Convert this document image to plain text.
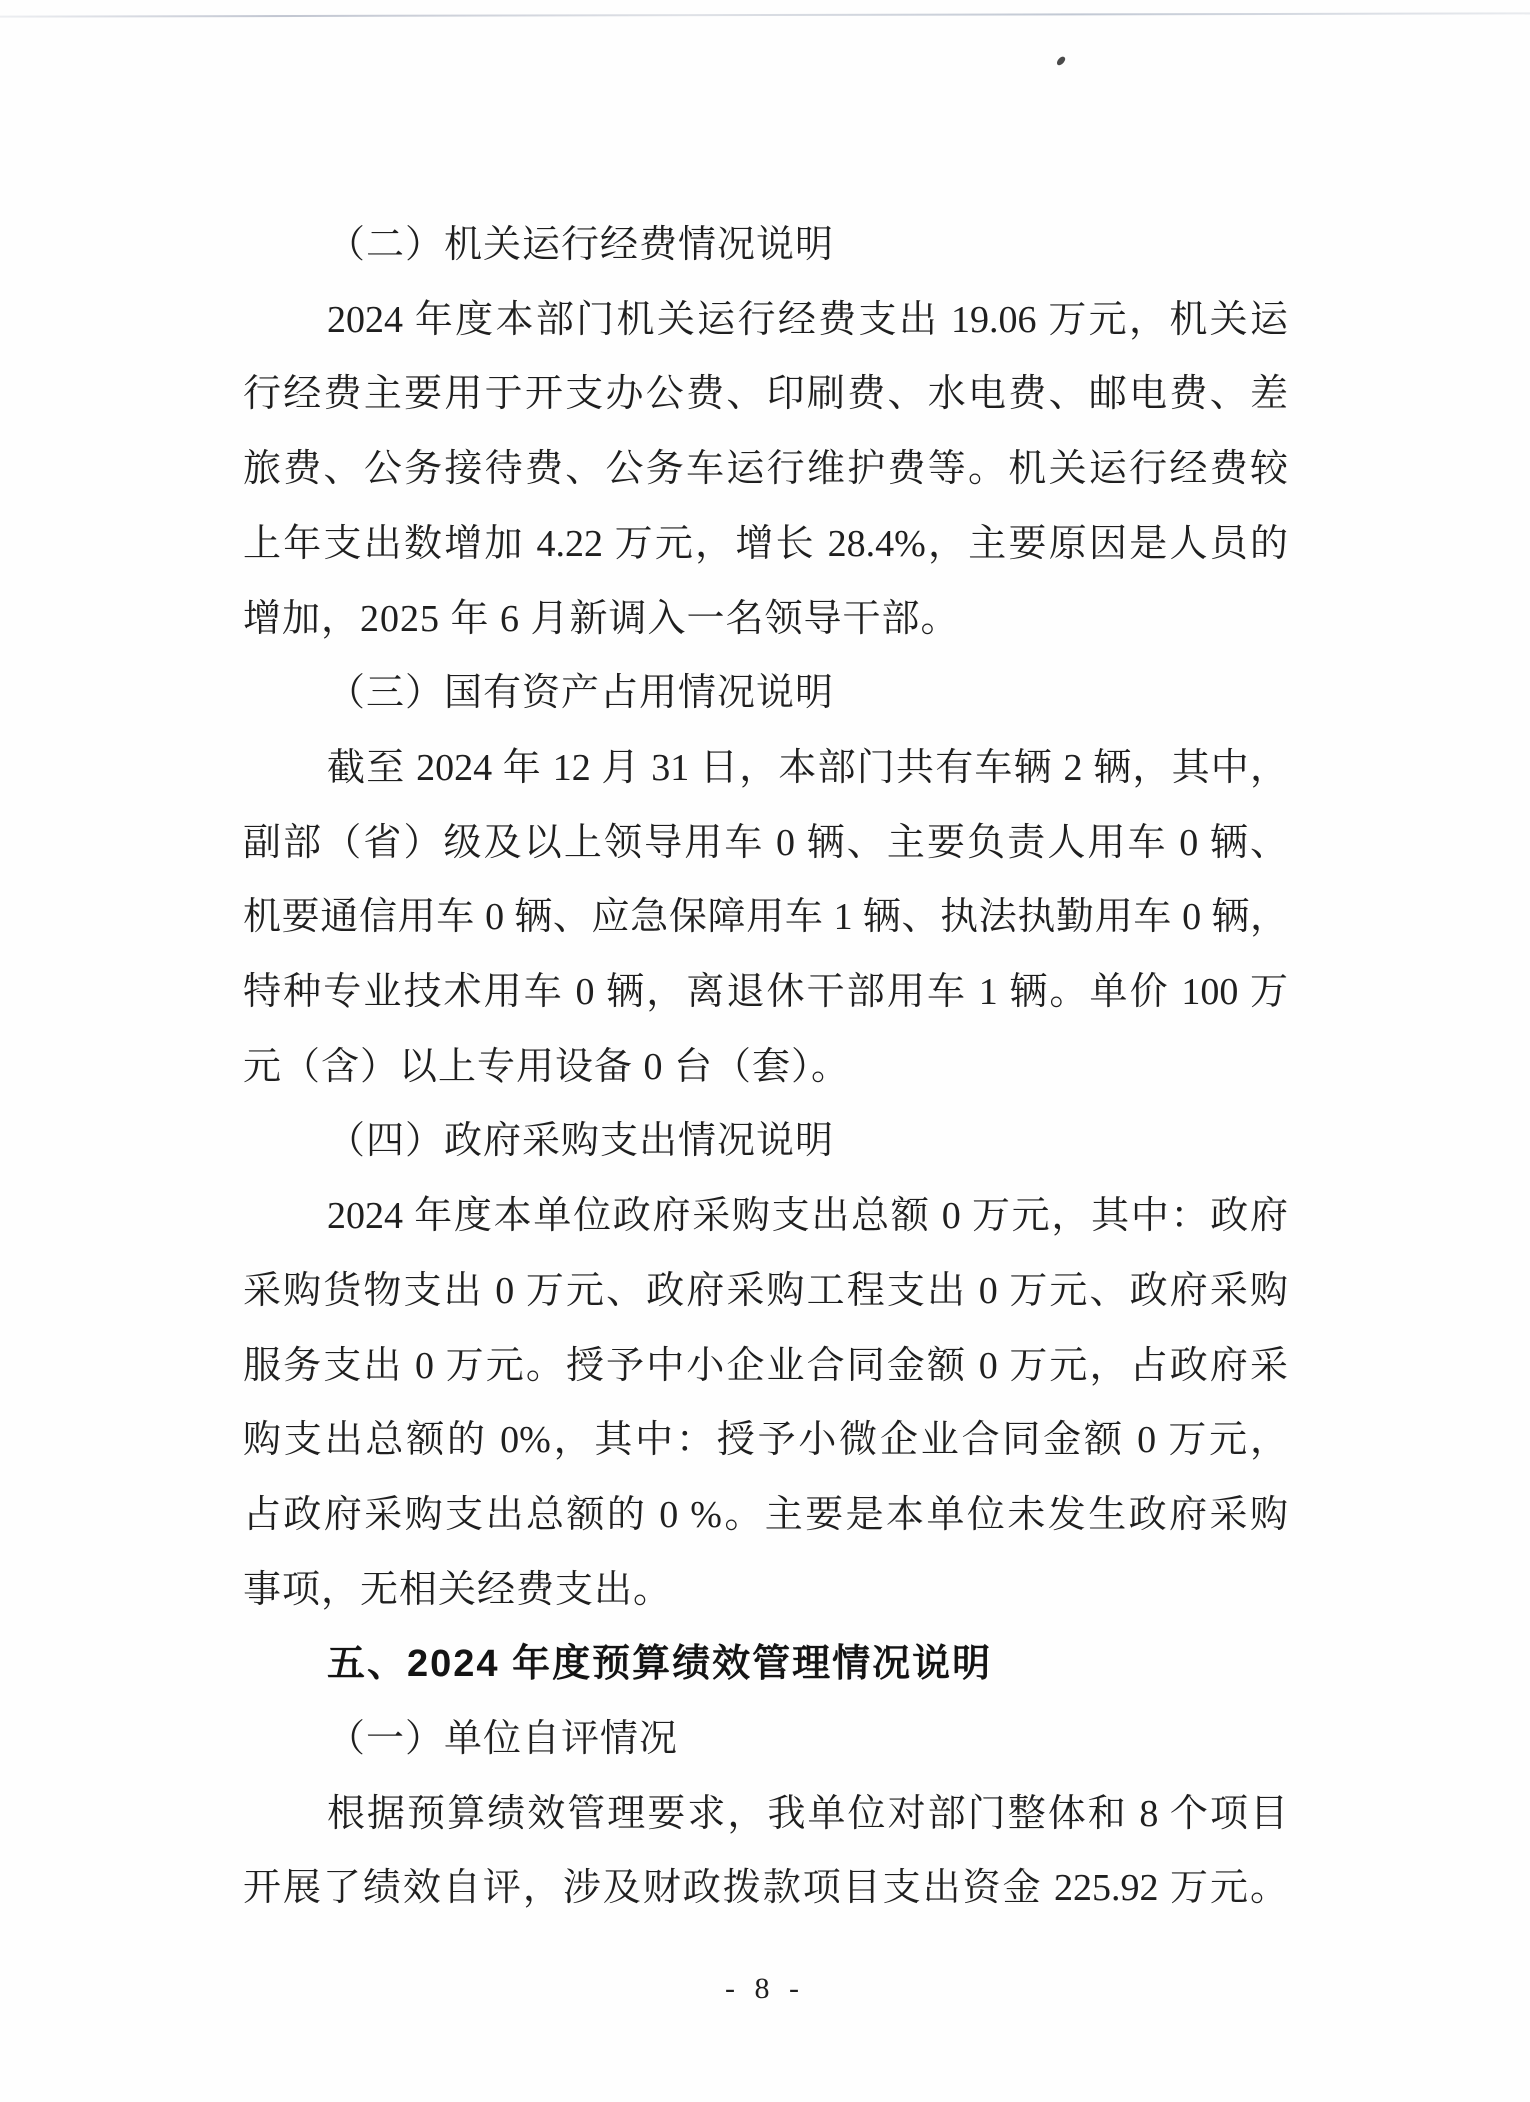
（二）机关运行经费情况说明
2024 年度本部门机关运行经费支出 19.06 万元，机关运
行经费主要用于开支办公费、印刷费、水电费、邮电费、差
旅费、公务接待费、公务车运行维护费等。机关运行经费较
上年支出数增加 4.22 万元，增长 28.4%，主要原因是人员的
增加，2025 年 6 月新调入一名领导干部。
（三）国有资产占用情况说明
截至 2024 年 12 月 31 日，本部门共有车辆 2 辆，其中，
副部（省）级及以上领导用车 0 辆、主要负责人用车 0 辆、
机要通信用车 0 辆、应急保障用车 1 辆、执法执勤用车 0 辆，
特种专业技术用车 0 辆，离退休干部用车 1 辆。单价 100 万
元（含）以上专用设备 0 台（套）。
（四）政府采购支出情况说明
2024 年度本单位政府采购支出总额 0 万元，其中：政府
采购货物支出 0 万元、政府采购工程支出 0 万元、政府采购
服务支出 0 万元。授予中小企业合同金额 0 万元，占政府采
购支出总额的 0%，其中：授予小微企业合同金额 0 万元，
占政府采购支出总额的 0 %。主要是本单位未发生政府采购
事项，无相关经费支出。
五、2024 年度预算绩效管理情况说明
（一）单位自评情况
根据预算绩效管理要求，我单位对部门整体和 8 个项目
开展了绩效自评，涉及财政拨款项目支出资金 225.92 万元。
- 8 -
